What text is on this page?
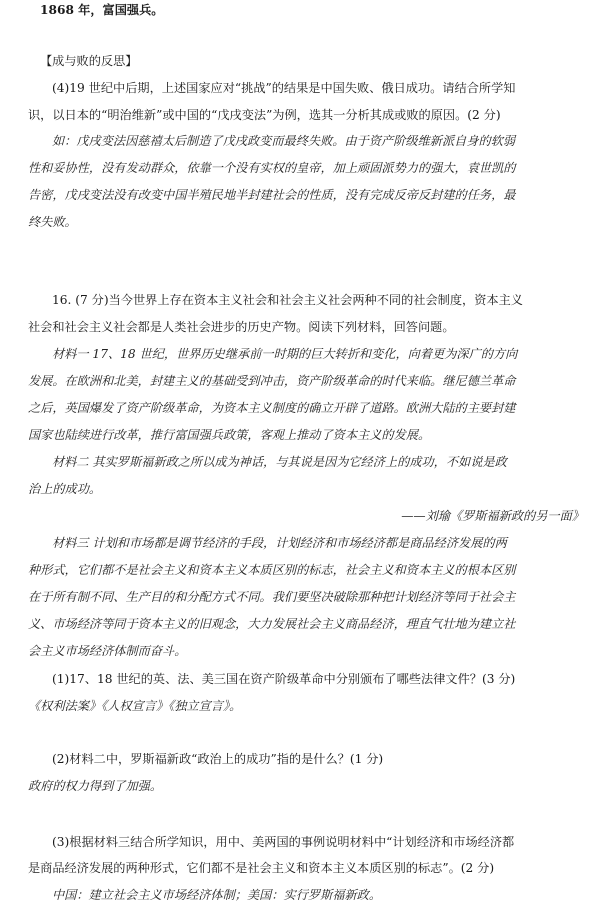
1868 年，富国强兵。
【成与败的反思】
(4)19 世纪中后期，上述国家应对“挑战”的结果是中国失败、俄日成功。请结合所学知
识，以日本的“明治维新”或中国的“戊戌变法”为例，选其一分析其成或败的原因。(2 分)
如：戊戌变法因慈禧太后制造了戊戌政变而最终失败。由于资产阶级维新派自身的软弱
性和妥协性，没有发动群众，依靠一个没有实权的皇帝，加上顽固派势力的强大，袁世凯的
告密，戊戌变法没有改变中国半殖民地半封建社会的性质，没有完成反帝反封建的任务，最
终失败。
16. (7 分)当今世界上存在资本主义社会和社会主义社会两种不同的社会制度，资本主义
社会和社会主义社会都是人类社会进步的历史产物。阅读下列材料，回答问题。
材料一 17、18 世纪，世界历史继承前一时期的巨大转折和变化，向着更为深广的方向
发展。在欧洲和北美，封建主义的基础受到冲击，资产阶级革命的时代来临。继尼德兰革命
之后，英国爆发了资产阶级革命，为资本主义制度的确立开辟了道路。欧洲大陆的主要封建
国家也陆续进行改革，推行富国强兵政策，客观上推动了资本主义的发展。
材料二 其实罗斯福新政之所以成为神话，与其说是因为它经济上的成功，不如说是政
治上的成功。
——刘瑜《罗斯福新政的另一面》
材料三 计划和市场都是调节经济的手段，计划经济和市场经济都是商品经济发展的两
种形式，它们都不是社会主义和资本主义本质区别的标志，社会主义和资本主义的根本区别
在于所有制不同、生产目的和分配方式不同。我们要坚决破除那种把计划经济等同于社会主
义、市场经济等同于资本主义的旧观念，大力发展社会主义商品经济，理直气壮地为建立社
会主义市场经济体制而奋斗。
(1)17、18 世纪的英、法、美三国在资产阶级革命中分别颁布了哪些法律文件？(3 分)
《权利法案》《人权宣言》《独立宣言》。
(2)材料二中，罗斯福新政“政治上的成功”指的是什么？(1 分)
政府的权力得到了加强。
(3)根据材料三结合所学知识，用中、美两国的事例说明材料中“计划经济和市场经济都
是商品经济发展的两种形式，它们都不是社会主义和资本主义本质区别的标志”。(2 分)
中国：建立社会主义市场经济体制；美国：实行罗斯福新政。
